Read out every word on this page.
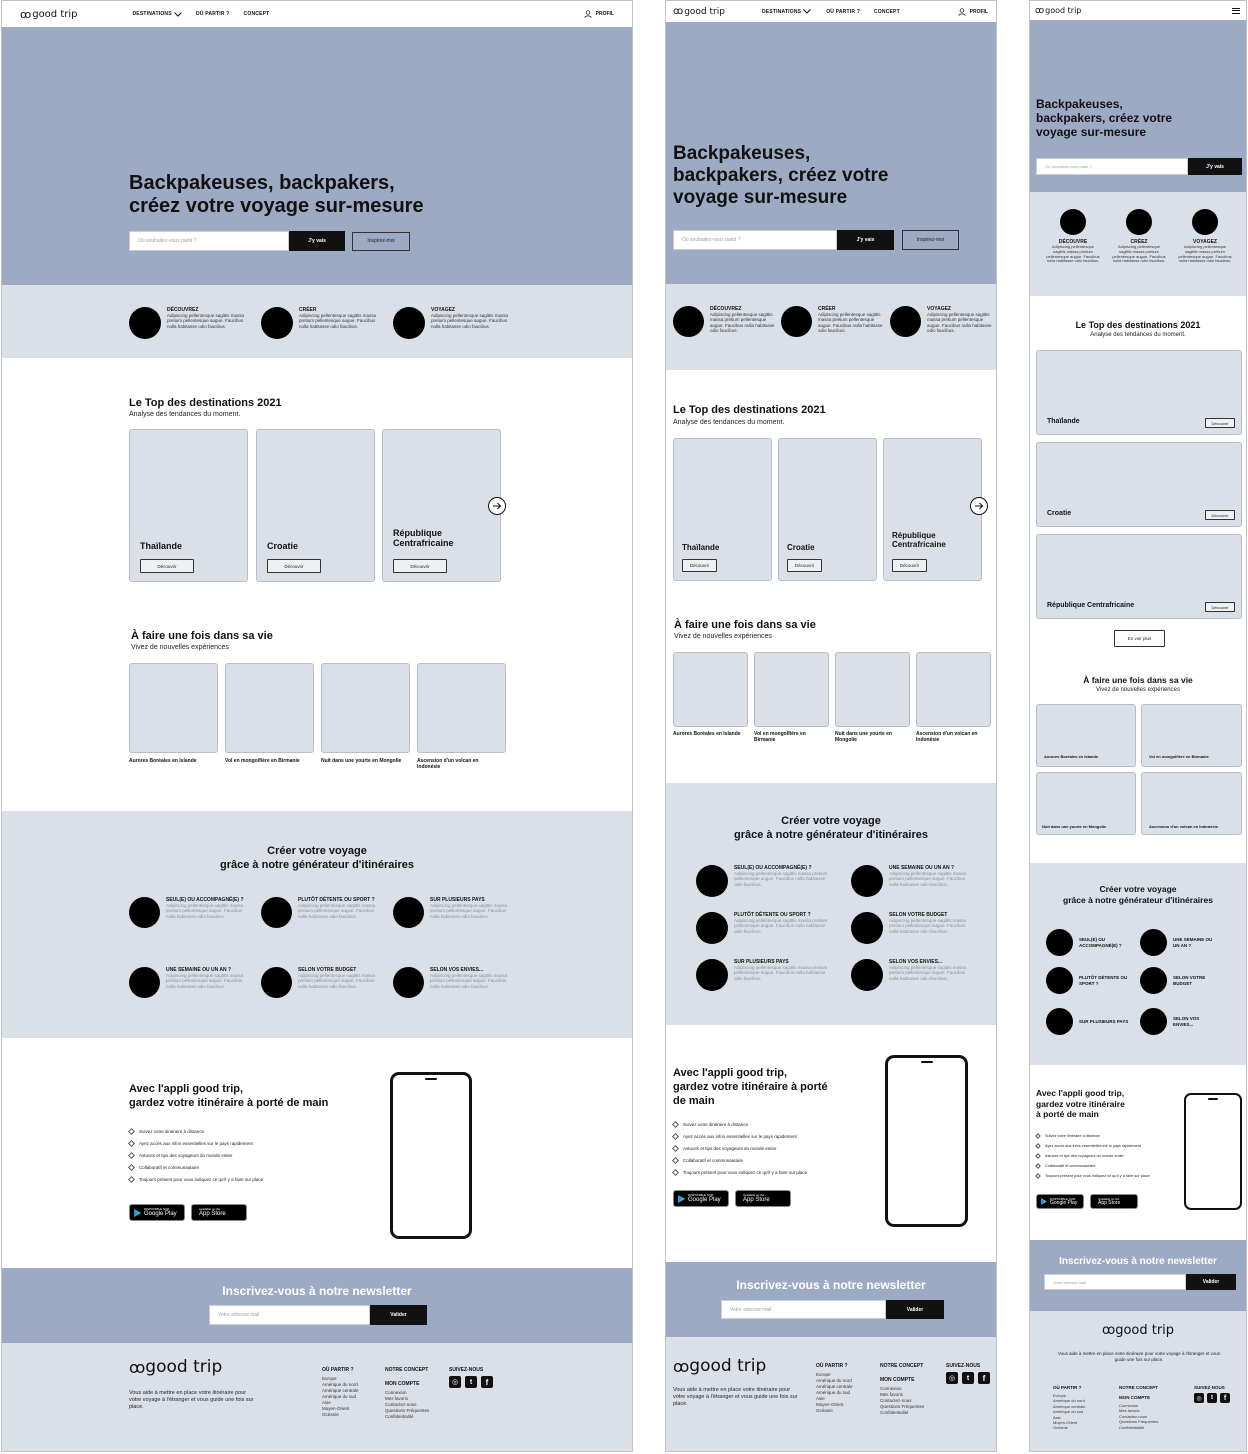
ꝏ good trip	DESTINATIONS	OÙ PARTIR ?	CONCEPT	PROFIL
Backpakeuses, backpakers,
créez votre voyage sur-mesure
Où souhaitez-vous partir ?	J'y vais	Inspirez-moi
DÉCOUVREZ
Adipiscing pellentesque sagittis massa pretium pellentesque augue. Faucibus nulla habitasse odio faucibus.
CRÉER
Adipiscing pellentesque sagittis massa pretium pellentesque augue. Faucibus nulla habitasse odio faucibus.
VOYAGEZ
Adipiscing pellentesque sagittis massa pretium pellentesque augue. Faucibus nulla habitasse odio faucibus.
Le Top des destinations 2021
Analyse des tendances du moment.
Thaïlande
Découvrir
Croatie
Découvrir
République Centrafricaine
Découvrir
À faire une fois dans sa vie
Vivez de nouvelles expériences
Aurores Boréales en Islande	Vol en mongolfière en Birmanie	Nuit dans une yourte en Mongolie	Ascension d'un volcan en Indonésie
Créer votre voyage
grâce à notre générateur d'itinéraires
SEUL(E) OU ACCOMPAGNÉ(E) ?
Adipiscing pellentesque sagittis massa pretium pellentesque augue. Faucibus nulla habitasse odio faucibus.
PLUTÔT DÉTENTE OU SPORT ?
Adipiscing pellentesque sagittis massa pretium pellentesque augue. Faucibus nulla habitasse odio faucibus.
SUR PLUSIEURS PAYS
Adipiscing pellentesque sagittis massa pretium pellentesque augue. Faucibus nulla habitasse odio faucibus.
UNE SEMAINE OU UN AN ?
Adipiscing pellentesque sagittis massa pretium pellentesque augue. Faucibus nulla habitasse odio faucibus.
SELON VOTRE BUDGET
Adipiscing pellentesque sagittis massa pretium pellentesque augue. Faucibus nulla habitasse odio faucibus.
SELON VOS ENVIES...
Adipiscing pellentesque sagittis massa pretium pellentesque augue. Faucibus nulla habitasse odio faucibus.
Avec l'appli good trip,
gardez votre itinéraire à porté de main
Suivez votre itinéraire à distance
Ayez accès aux infos essentielles sur le pays rapidement
Astuces et tips des voyageurs du monde entier
Collaboratif et communautaire
Toujours présent pour vous indiquez ce qu'il y a faire sur place
DISPONIBLE SUR
Google Play
Available on the
App Store
Inscrivez-vous à notre newsletter
Votre adresse mail	Valider
ꝏ good trip
Vous aide à mettre en place votre itinéraire pour votre voyage à l'étranger et vous guide une fois sur place.
OÙ PARTIR ?
Europe
Amérique du nord
Amérique centrale
Amérique du sud
Asie
Moyen-Orient
Océanie
NOTRE CONCEPT
MON COMPTE
Connexion
Mes favoris
Contactez-nous
Questions Fréquentes
Confidentialité
SUIVEZ-NOUS
◎	t	f
ꝏ good trip	DESTINATIONS	OÙ PARTIR ?	CONCEPT	PROFIL
Backpakeuses,
backpakers, créez votre
voyage sur-mesure
Où souhaitez-vous partir ?	J'y vais	Inspirez-moi
DÉCOUVREZ
Adipiscing pellentesque sagittis massa pretium pellentesque augue. Faucibus nulla habitasse odio faucibus.
CRÉER
Adipiscing pellentesque sagittis massa pretium pellentesque augue. Faucibus nulla habitasse odio faucibus.
VOYAGEZ
Adipiscing pellentesque sagittis massa pretium pellentesque augue. Faucibus nulla habitasse odio faucibus.
Le Top des destinations 2021
Analyse des tendances du moment.
Thaïlande
Découvrir
Croatie
Découvrir
République Centrafricaine
Découvrir
À faire une fois dans sa vie
Vivez de nouvelles expériences
Aurores Boréales en Islande	Vol en mongolfière en Birmanie
Nuit dans une yourte en Mongolie
Ascension d'un volcan en Indonésie
Créer votre voyage
grâce à notre générateur d'itinéraires
SEUL(E) OU ACCOMPAGNÉ(E) ?
Adipiscing pellentesque sagittis massa pretium pellentesque augue. Faucibus nulla habitasse odio faucibus.
UNE SEMAINE OU UN AN ?
Adipiscing pellentesque sagittis massa pretium pellentesque augue. Faucibus nulla habitasse odio faucibus.
PLUTÔT DÉTENTE OU SPORT ?
Adipiscing pellentesque sagittis massa pretium pellentesque augue. Faucibus nulla habitasse odio faucibus.
SELON VOTRE BUDGET
Adipiscing pellentesque sagittis massa pretium pellentesque augue. Faucibus nulla habitasse odio faucibus.
SUR PLUSIEURS PAYS
Adipiscing pellentesque sagittis massa pretium pellentesque augue. Faucibus nulla habitasse odio faucibus.
SELON VOS ENVIES...
Adipiscing pellentesque sagittis massa pretium pellentesque augue. Faucibus nulla habitasse odio faucibus.
Avec l'appli good trip,
gardez votre itinéraire à porté
de main
Suivez votre itinéraire à distance
Ayez accès aux infos essentielles sur le pays rapidement
Astuces et tips des voyageurs du monde entier
Collaboratif et communautaire
Toujours présent pour vous indiquez ce qu'il y a faire sur place
DISPONIBLE SUR
Google Play
Available on the
App Store
Inscrivez-vous à notre newsletter
Votre adresse mail	Valider
ꝏ good trip
Vous aide à mettre en place votre itinéraire pour votre voyage à l'étranger et vous guide une fois sur place.
OÙ PARTIR ?
Europe
Amérique du nord
Amérique centrale
Amérique du sud
Asie
Moyen-Orient
Océanie
NOTRE CONCEPT
MON COMPTE
Connexion
Mes favoris
Contactez-nous
Questions Fréquentes
Confidentialité
SUIVEZ-NOUS
◎	t	f
ꝏ good trip
Backpakeuses,
backpakers, créez votre
voyage sur-mesure
Où souhaitez-vous partir ?	J'y vais
DÉCOUVRE
Adipiscing pellentesque sagittis massa pretium pellentesque augue. Faucibus nulla habitasse odio faucibus.
CRÉEZ
Adipiscing pellentesque sagittis massa pretium pellentesque augue. Faucibus nulla habitasse odio faucibus.
VOYAGEZ
Adipiscing pellentesque sagittis massa pretium pellentesque augue. Faucibus nulla habitasse odio faucibus.
Le Top des destinations 2021
Analyse des tendances du moment.
Thaïlande	Découvrir
Croatie	Découvrir
République Centrafricaine	Découvrir
En voir plus
À faire une fois dans sa vie
Vivez de nouvelles expériences
Aurores Boréales en Islande	Vol en mongolfière en Birmanie
Nuit dans une yourte en Mongolie	Ascension d'un volcan en Indonésie
Créer votre voyage
grâce à notre générateur d'itinéraires
SEUL(E) OU ACCOMPAGNÉ(E) ?
UNE SEMAINE OU UN AN ?
PLUTÔT DÉTENTE OU SPORT ?
SELON VOTRE BUDGET
SUR PLUSIEURS PAYS
SELON VOS ENVIES...
Avec l'appli good trip,
gardez votre itinéraire
à porté de main
Suivez votre itinéraire à distance
Ayez accès aux infos essentielles sur le pays rapidement
Astuces et tips des voyageurs du monde entier
Collaboratif et communautaire
Toujours présent pour vous indiquez ce qu'il y a faire sur place
DISPONIBLE SUR
Google Play
Available on the
App Store
Inscrivez-vous à notre newsletter
Votre adresse mail	Valider
ꝏ good trip
Vous aide à mettre en place votre itinéraire pour votre voyage à l'étranger et vous guide une fois sur place.
OÙ PARTIR ?
Europe
Amérique du nord
Amérique centrale
Amérique du sud
Asie
Moyen-Orient
Océanie
NOTRE CONCEPT
MON COMPTE
Connexion
Mes favoris
Contactez-nous
Questions Fréquentes
Confidentialité
SUIVEZ-NOUS
◎	t	f
